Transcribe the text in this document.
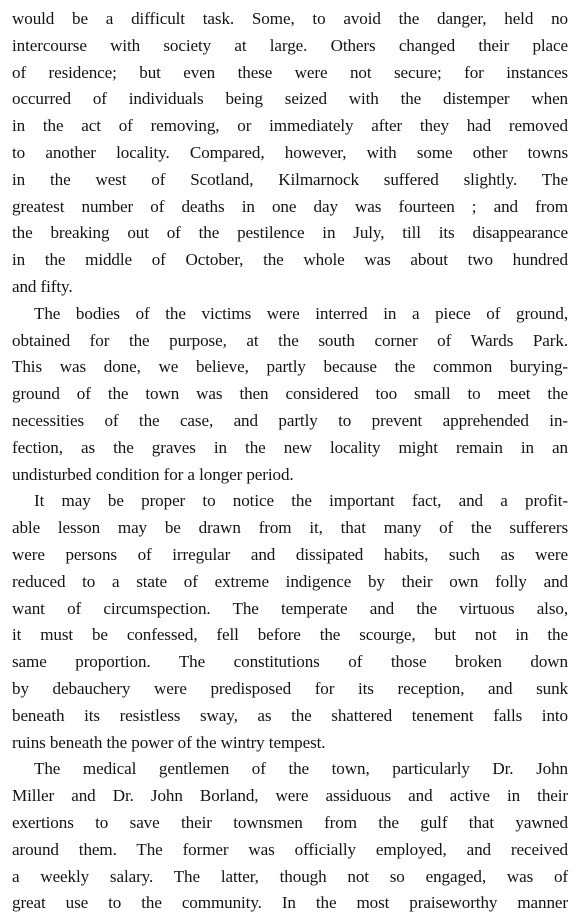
would be a difficult task. Some, to avoid the danger, held no
intercourse with society at large. Others changed their place
of residence; but even these were not secure; for instances
occurred of individuals being seized with the distemper when
in the act of removing, or immediately after they had removed
to another locality. Compared, however, with some other towns
in the west of Scotland, Kilmarnock suffered slightly. The
greatest number of deaths in one day was fourteen ; and from
the breaking out of the pestilence in July, till its disappearance
in the middle of October, the whole was about two hundred
and fifty.

The bodies of the victims were interred in a piece of ground,
obtained for the purpose, at the south corner of Wards Park.
This was done, we believe, partly because the common burying-
ground of the town was then considered too small to meet the
necessities of the case, and partly to prevent apprehended in-
fection, as the graves in the new locality might remain in an
undisturbed condition for a longer period.

It may be proper to notice the important fact, and a profit-
able lesson may be drawn from it, that many of the sufferers
were persons of irregular and dissipated habits, such as were
reduced to a state of extreme indigence by their own folly and
want of circumspection. The temperate and the virtuous also,
it must be confessed, fell before the scourge, but not in the
same proportion. The constitutions of those broken down
by debauchery were predisposed for its reception, and sunk
beneath its resistless sway, as the shattered tenement falls into
ruins beneath the power of the wintry tempest.

The medical gentlemen of the town, particularly Dr. John
Miller and Dr. John Borland, were assiduous and active in their
exertions to save their townsmen from the gulf that yawned
around them. The former was officially employed, and received
a weekly salary. The latter, though not so engaged, was of
great use to the community. In the most praiseworthy manner
